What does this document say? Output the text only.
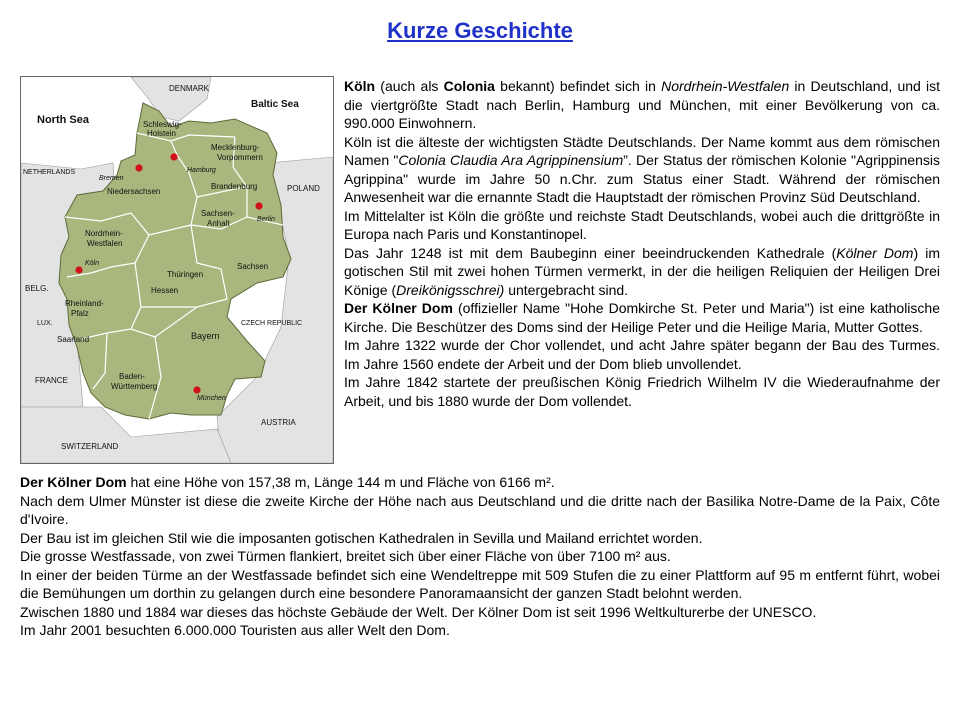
Kurze Geschichte
DENMARK
Baltic Sea
North Sea	Schleswig-
Holstein
Mecklenburg-
Vorpommern
Hamburg
Bremen
NETHERLANDS
Niedersachsen
Brandenburg	POLAND
Berlin
Sachsen-
Anhalt
Nordrhein-
Westfalen
Köln	Sachsen
BELG.	Hessen
Thüringen
Rheinland-
Pfalz
LUX.	CZECH REPUBLIC
Saarland	Bayern
FRANCE	Baden-
Württemberg
München
AUSTRIA
SWITZERLAND

Köln (auch als Colonia bekannt) befindet sich in Nordrhein-Westfalen in Deutschland, und ist die viertgrößte Stadt nach Berlin, Hamburg und München, mit einer Bevölkerung von ca. 990.000 Einwohnern.

Köln ist die älteste der wichtigsten Städte Deutschlands. Der Name kommt aus dem römischen Namen "Colonia Claudia Ara Agrippinensium”. Der Status der römischen Kolonie "Agrippinensis Agrippina" wurde im Jahre 50 n.Chr. zum Status einer Stadt. Während der römischen Anwesenheit war die ernannte Stadt die Hauptstadt der römischen Provinz Süd Deutschland.

Im Mittelalter ist Köln die größte und reichste Stadt Deutschlands, wobei auch die drittgrößte in Europa nach Paris und Konstantinopel.

Das Jahr 1248 ist mit dem Baubeginn einer beeindruckenden Kathedrale (Kölner Dom) im gotischen Stil mit zwei hohen Türmen vermerkt, in der die heiligen Reliquien der Heiligen Drei Könige (Dreikönigsschrei) untergebracht sind.

Der Kölner Dom (offizieller Name "Hohe Domkirche St. Peter und Maria") ist eine katholische Kirche. Die Beschützer des Doms sind der Heilige Peter und die Heilige Maria, Mutter Gottes.

Im Jahre 1322 wurde der Chor vollendet, und acht Jahre später begann der Bau des Turmes. Im Jahre 1560 endete der Arbeit und der Dom blieb unvollendet.

Im Jahre 1842 startete der preußischen König Friedrich Wilhelm IV die Wiederaufnahme der Arbeit, und bis 1880 wurde der Dom vollendet.

Der Kölner Dom hat eine Höhe von 157,38 m, Länge 144 m und Fläche von 6166 m².

Nach dem Ulmer Münster ist diese die zweite Kirche der Höhe nach aus Deutschland und die dritte nach der Basilika Notre-Dame de la Paix, Côte d'Ivoire.

Der Bau ist im gleichen Stil wie die imposanten gotischen Kathedralen in Sevilla und Mailand errichtet worden.

Die grosse Westfassade, von zwei Türmen flankiert, breitet sich über einer Fläche von über 7100 m² aus.

In einer der beiden Türme an der Westfassade befindet sich eine Wendeltreppe mit 509 Stufen die zu einer Plattform auf 95 m entfernt führt, wobei die Bemühungen um dorthin zu gelangen durch eine besondere Panoramaansicht der ganzen Stadt belohnt werden.

Zwischen 1880 und 1884 war dieses das höchste Gebäude der Welt. Der Kölner Dom ist seit 1996 Weltkulturerbe der UNESCO.

Im Jahr 2001 besuchten 6.000.000 Touristen aus aller Welt den Dom.
